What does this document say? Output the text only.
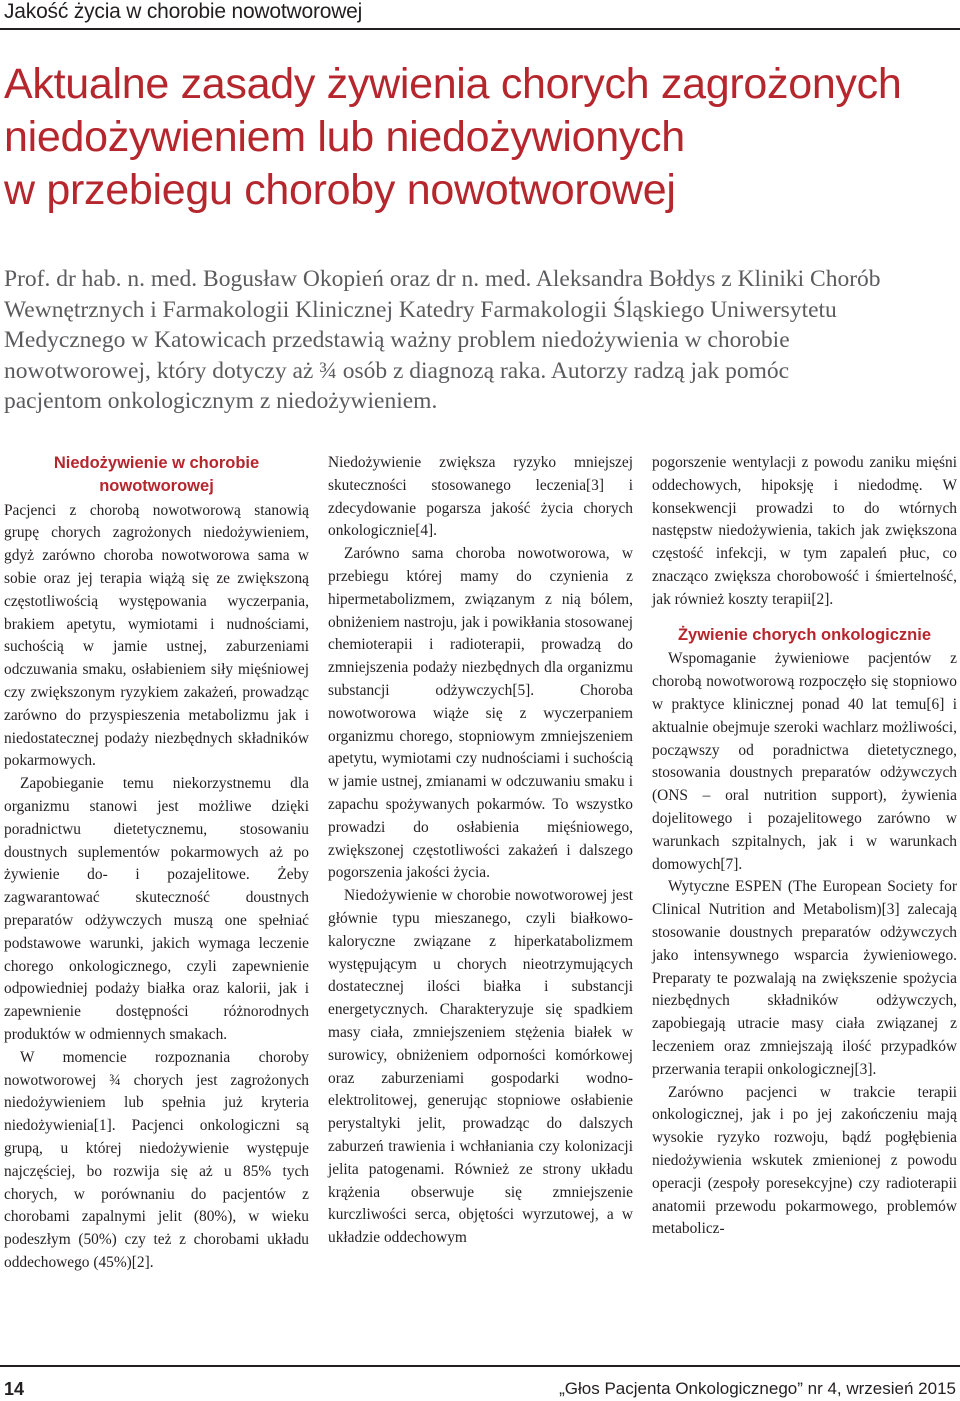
Jakość życia w chorobie nowotworowej
Aktualne zasady żywienia chorych zagrożonych
niedożywieniem lub niedożywionych
w przebiegu choroby nowotworowej

Prof. dr hab. n. med. Bogusław Okopień oraz dr n. med. Aleksandra Bołdys z Kliniki Chorób
Wewnętrznych i Farmakologii Klinicznej Katedry Farmakologii Śląskiego Uniwersytetu
Medycznego w Katowicach przedstawią ważny problem niedożywienia w chorobie
nowotworowej, który dotyczy aż ¾ osób z diagnozą raka. Autorzy radzą jak pomóc
pacjentom onkologicznym z niedożywieniem.

Niedożywienie w chorobie nowotworowej

Pacjenci z chorobą nowotworową stanowią grupę chorych zagrożonych niedożywieniem, gdyż zarówno choroba nowotworowa sama w sobie oraz jej terapia wiążą się ze zwiększoną częstotliwością występowania wyczerpania, brakiem apetytu, wymiotami i nudnościami, suchością w jamie ustnej, zaburzeniami odczuwania smaku, osłabieniem siły mięśniowej czy zwiększonym ryzykiem zakażeń, prowadząc zarówno do przyspieszenia metabolizmu jak i niedostatecznej podaży niezbędnych składników pokarmowych.

Zapobieganie temu niekorzystnemu dla organizmu stanowi jest możliwe dzięki poradnictwu dietetycznemu, stosowaniu doustnych suplementów pokarmowych aż po żywienie do- i pozajelitowe. Żeby zagwarantować skuteczność doustnych preparatów odżywczych muszą one spełniać podstawowe warunki, jakich wymaga leczenie chorego onkologicznego, czyli zapewnienie odpowiedniej podaży białka oraz kalorii, jak i zapewnienie dostępności różnorodnych produktów w odmiennych smakach.

W momencie rozpoznania choroby nowotworowej ¾ chorych jest zagrożonych niedożywieniem lub spełnia już kryteria niedożywienia[1]. Pacjenci onkologiczni są grupą, u której niedożywienie występuje najczęściej, bo rozwija się aż u 85% tych chorych, w porównaniu do pacjentów z chorobami zapalnymi jelit (80%), w wieku podeszłym (50%) czy też z chorobami układu oddechowego (45%)[2].

Niedożywienie zwiększa ryzyko mniejszej skuteczności stosowanego leczenia[3] i zdecydowanie pogarsza jakość życia chorych onkologicznie[4].

Zarówno sama choroba nowotworowa, w przebiegu której mamy do czynienia z hipermetabolizmem, związanym z nią bólem, obniżeniem nastroju, jak i powikłania stosowanej chemioterapii i radioterapii, prowadzą do zmniejszenia podaży niezbędnych dla organizmu substancji odżywczych[5]. Choroba nowotworowa wiąże się z wyczerpaniem organizmu chorego, stopniowym zmniejszeniem apetytu, wymiotami czy nudnościami i suchością w jamie ustnej, zmianami w odczuwaniu smaku i zapachu spożywanych pokarmów. To wszystko prowadzi do osłabienia mięśniowego, zwiększonej częstotliwości zakażeń i dalszego pogorszenia jakości życia.

Niedożywienie w chorobie nowotworowej jest głównie typu mieszanego, czyli białkowo-kaloryczne związane z hiperkatabolizmem występującym u chorych nieotrzymujących dostatecznej ilości białka i substancji energetycznych. Charakteryzuje się spadkiem masy ciała, zmniejszeniem stężenia białek w surowicy, obniżeniem odporności komórkowej oraz zaburzeniami gospodarki wodno-elektrolitowej, generując stopniowe osłabienie perystaltyki jelit, prowadząc do dalszych zaburzeń trawienia i wchłaniania czy kolonizacji jelita patogenami. Również ze strony układu krążenia obserwuje się zmniejszenie kurczliwości serca, objętości wyrzutowej, a w układzie oddechowym

pogorszenie wentylacji z powodu zaniku mięśni oddechowych, hipoksję i niedodmę. W konsekwencji prowadzi to do wtórnych następstw niedożywienia, takich jak zwiększona częstość infekcji, w tym zapaleń płuc, co znacząco zwiększa chorobowość i śmiertelność, jak również koszty terapii[2].

Żywienie chorych onkologicznie

Wspomaganie żywieniowe pacjentów z chorobą nowotworową rozpoczęło się stopniowo w praktyce klinicznej ponad 40 lat temu[6] i aktualnie obejmuje szeroki wachlarz możliwości, począwszy od poradnictwa dietetycznego, stosowania doustnych preparatów odżywczych (ONS – oral nutrition support), żywienia dojelitowego i pozajelitowego zarówno w warunkach szpitalnych, jak i w warunkach domowych[7].

Wytyczne ESPEN (The European Society for Clinical Nutrition and Metabolism)[3] zalecają stosowanie doustnych preparatów odżywczych jako intensywnego wsparcia żywieniowego. Preparaty te pozwalają na zwiększenie spożycia niezbędnych składników odżywczych, zapobiegają utracie masy ciała związanej z leczeniem oraz zmniejszają ilość przypadków przerwania terapii onkologicznej[3].

Zarówno pacjenci w trakcie terapii onkologicznej, jak i po jej zakończeniu mają wysokie ryzyko rozwoju, bądź pogłębienia niedożywienia wskutek zmienionej z powodu operacji (zespoły poresekcyjne) czy radioterapii anatomii przewodu pokarmowego, problemów metabolicz-

14	„Głos Pacjenta Onkologicznego” nr 4, wrzesień 2015
